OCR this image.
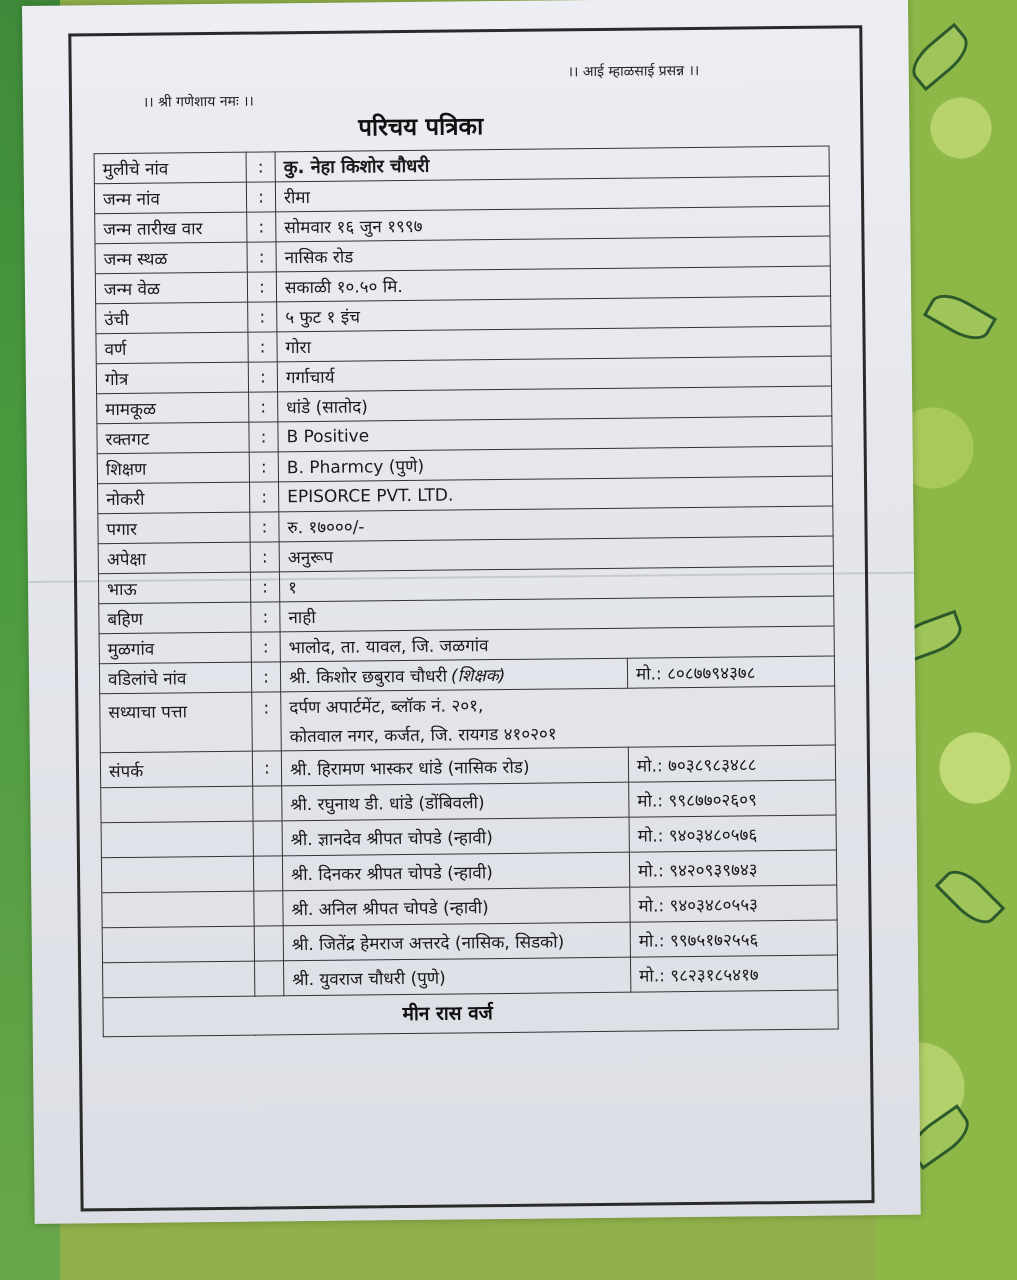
।। श्री गणेशाय नमः ।।
।। आई म्हाळसाई प्रसन्न ।।
परिचय पत्रिका
मुलीचे नांव	:	कु. नेहा किशोर चौधरी	
जन्म नांव	:	रीमा	
जन्म तारीख वार	:	सोमवार १६ जुन १९९७	
जन्म स्थळ	:	नासिक रोड	
जन्म वेळ	:	सकाळी १०.५० मि.	
उंची	:	५ फुट १ इंच	
वर्ण	:	गोरा	
गोत्र	:	गर्गाचार्य	
मामकूळ	:	धांडे (सातोद)	
रक्तगट	:	B Positive	
शिक्षण	:	B. Pharmcy (पुणे)	
नोकरी	:	EPISORCE PVT. LTD.	
पगार	:	रु. १७०००/-	
अपेक्षा	:	अनुरूप	
भाऊ	:	१	
बहिण	:	नाही	
मुळगांव	:	भालोद, ता. यावल, जि. जळगांव	
वडिलांचे नांव	:	श्री. किशोर छबुराव चौधरी (शिक्षक)	मो.: ८०८७७९४३७८
सध्याचा पत्ता	:	दर्पण अपार्टमेंट, ब्लॉक नं. २०१,	
		कोतवाल नगर, कर्जत, जि. रायगड ४१०२०१	
संपर्क	:	श्री. हिरामण भास्कर धांडे (नासिक रोड)	मो.: ७०३८९८३४८८
		श्री. रघुनाथ डी. धांडे (डोंबिवली)	मो.: ९९८७७०२६०९
		श्री. ज्ञानदेव श्रीपत चोपडे (न्हावी)	मो.: ९४०३४८०५७६
		श्री. दिनकर श्रीपत चोपडे (न्हावी)	मो.: ९४२०९३९७४३
		श्री. अनिल श्रीपत चोपडे (न्हावी)	मो.: ९४०३४८०५५३
		श्री. जितेंद्र हेमराज अत्तरदे (नासिक, सिडको)	मो.: ९९७५१७२५५६
		श्री. युवराज चौधरी (पुणे)	मो.: ९८२३१८५४१७

मीन रास वर्ज
